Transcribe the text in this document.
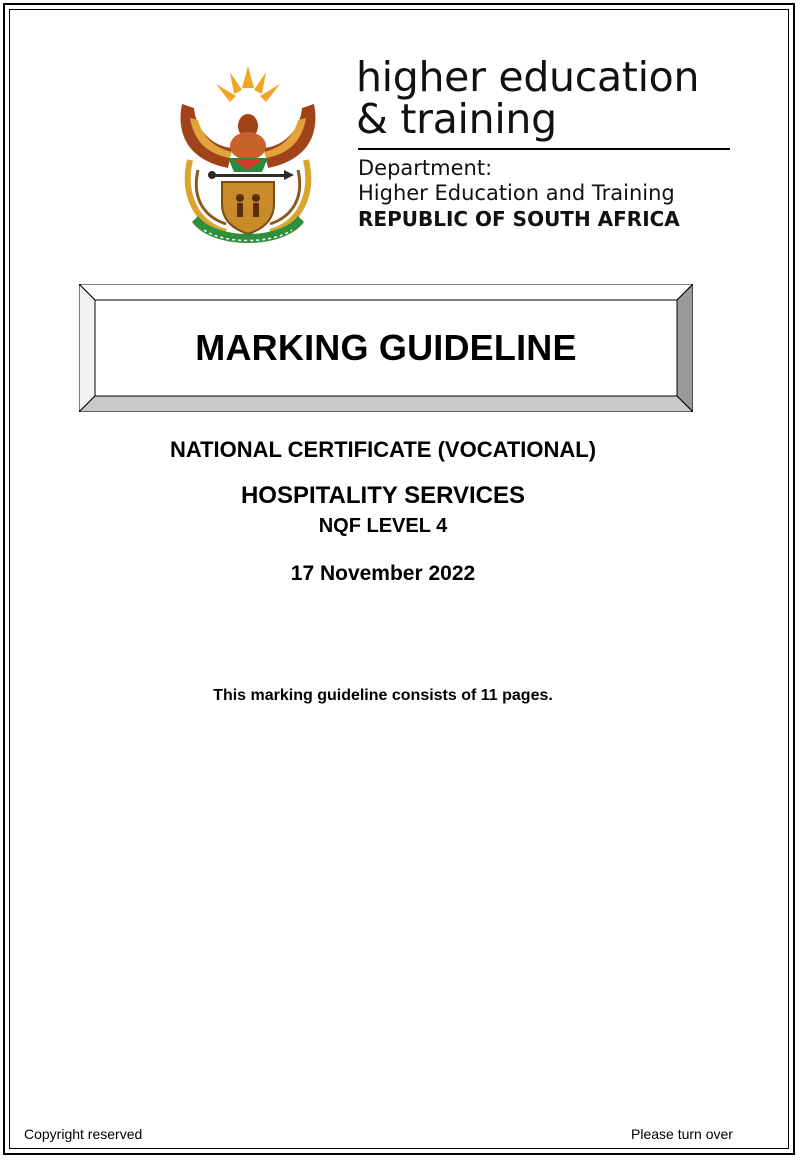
higher education
& training
Department:
Higher Education and Training
REPUBLIC OF SOUTH AFRICA
MARKING GUIDELINE
NATIONAL CERTIFICATE (VOCATIONAL)
HOSPITALITY SERVICES
NQF LEVEL 4
17 November 2022
This marking guideline consists of 11 pages.
Copyright reserved	Please turn over
